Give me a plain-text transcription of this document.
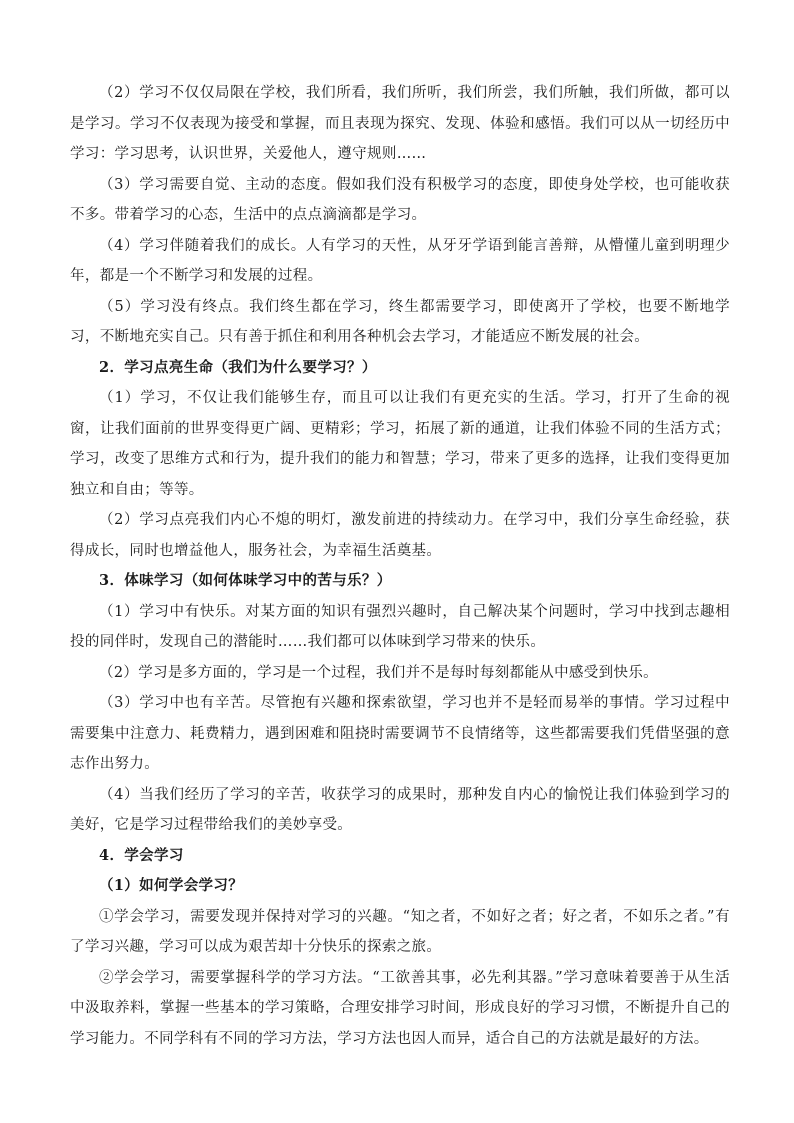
（2）学习不仅仅局限在学校，我们所看，我们所听，我们所尝，我们所触，我们所做，都可以是学习。学习不仅表现为接受和掌握，而且表现为探究、发现、体验和感悟。我们可以从一切经历中学习：学习思考，认识世界，关爱他人，遵守规则……

（3）学习需要自觉、主动的态度。假如我们没有积极学习的态度，即使身处学校，也可能收获不多。带着学习的心态，生活中的点点滴滴都是学习。

（4）学习伴随着我们的成长。人有学习的天性，从牙牙学语到能言善辩，从懵懂儿童到明理少年，都是一个不断学习和发展的过程。

（5）学习没有终点。我们终生都在学习，终生都需要学习，即使离开了学校，也要不断地学习，不断地充实自己。只有善于抓住和利用各种机会去学习，才能适应不断发展的社会。

2．学习点亮生命（我们为什么要学习？）

（1）学习，不仅让我们能够生存，而且可以让我们有更充实的生活。学习，打开了生命的视窗，让我们面前的世界变得更广阔、更精彩；学习，拓展了新的通道，让我们体验不同的生活方式；学习，改变了思维方式和行为，提升我们的能力和智慧；学习，带来了更多的选择，让我们变得更加独立和自由；等等。

（2）学习点亮我们内心不熄的明灯，激发前进的持续动力。在学习中，我们分享生命经验，获得成长，同时也增益他人，服务社会，为幸福生活奠基。

3．体味学习（如何体味学习中的苦与乐？）

（1）学习中有快乐。对某方面的知识有强烈兴趣时，自己解决某个问题时，学习中找到志趣相投的同伴时，发现自己的潜能时……我们都可以体味到学习带来的快乐。

（2）学习是多方面的，学习是一个过程，我们并不是每时每刻都能从中感受到快乐。

（3）学习中也有辛苦。尽管抱有兴趣和探索欲望，学习也并不是轻而易举的事情。学习过程中需要集中注意力、耗费精力，遇到困难和阻挠时需要调节不良情绪等，这些都需要我们凭借坚强的意志作出努力。

（4）当我们经历了学习的辛苦，收获学习的成果时，那种发自内心的愉悦让我们体验到学习的美好，它是学习过程带给我们的美妙享受。

4．学会学习

（1）如何学会学习？

①学会学习，需要发现并保持对学习的兴趣。“知之者，不如好之者；好之者，不如乐之者。”有了学习兴趣，学习可以成为艰苦却十分快乐的探索之旅。

②学会学习，需要掌握科学的学习方法。“工欲善其事，必先利其器。”学习意味着要善于从生活中汲取养料，掌握一些基本的学习策略，合理安排学习时间，形成良好的学习习惯，不断提升自己的学习能力。不同学科有不同的学习方法，学习方法也因人而异，适合自己的方法就是最好的方法。
